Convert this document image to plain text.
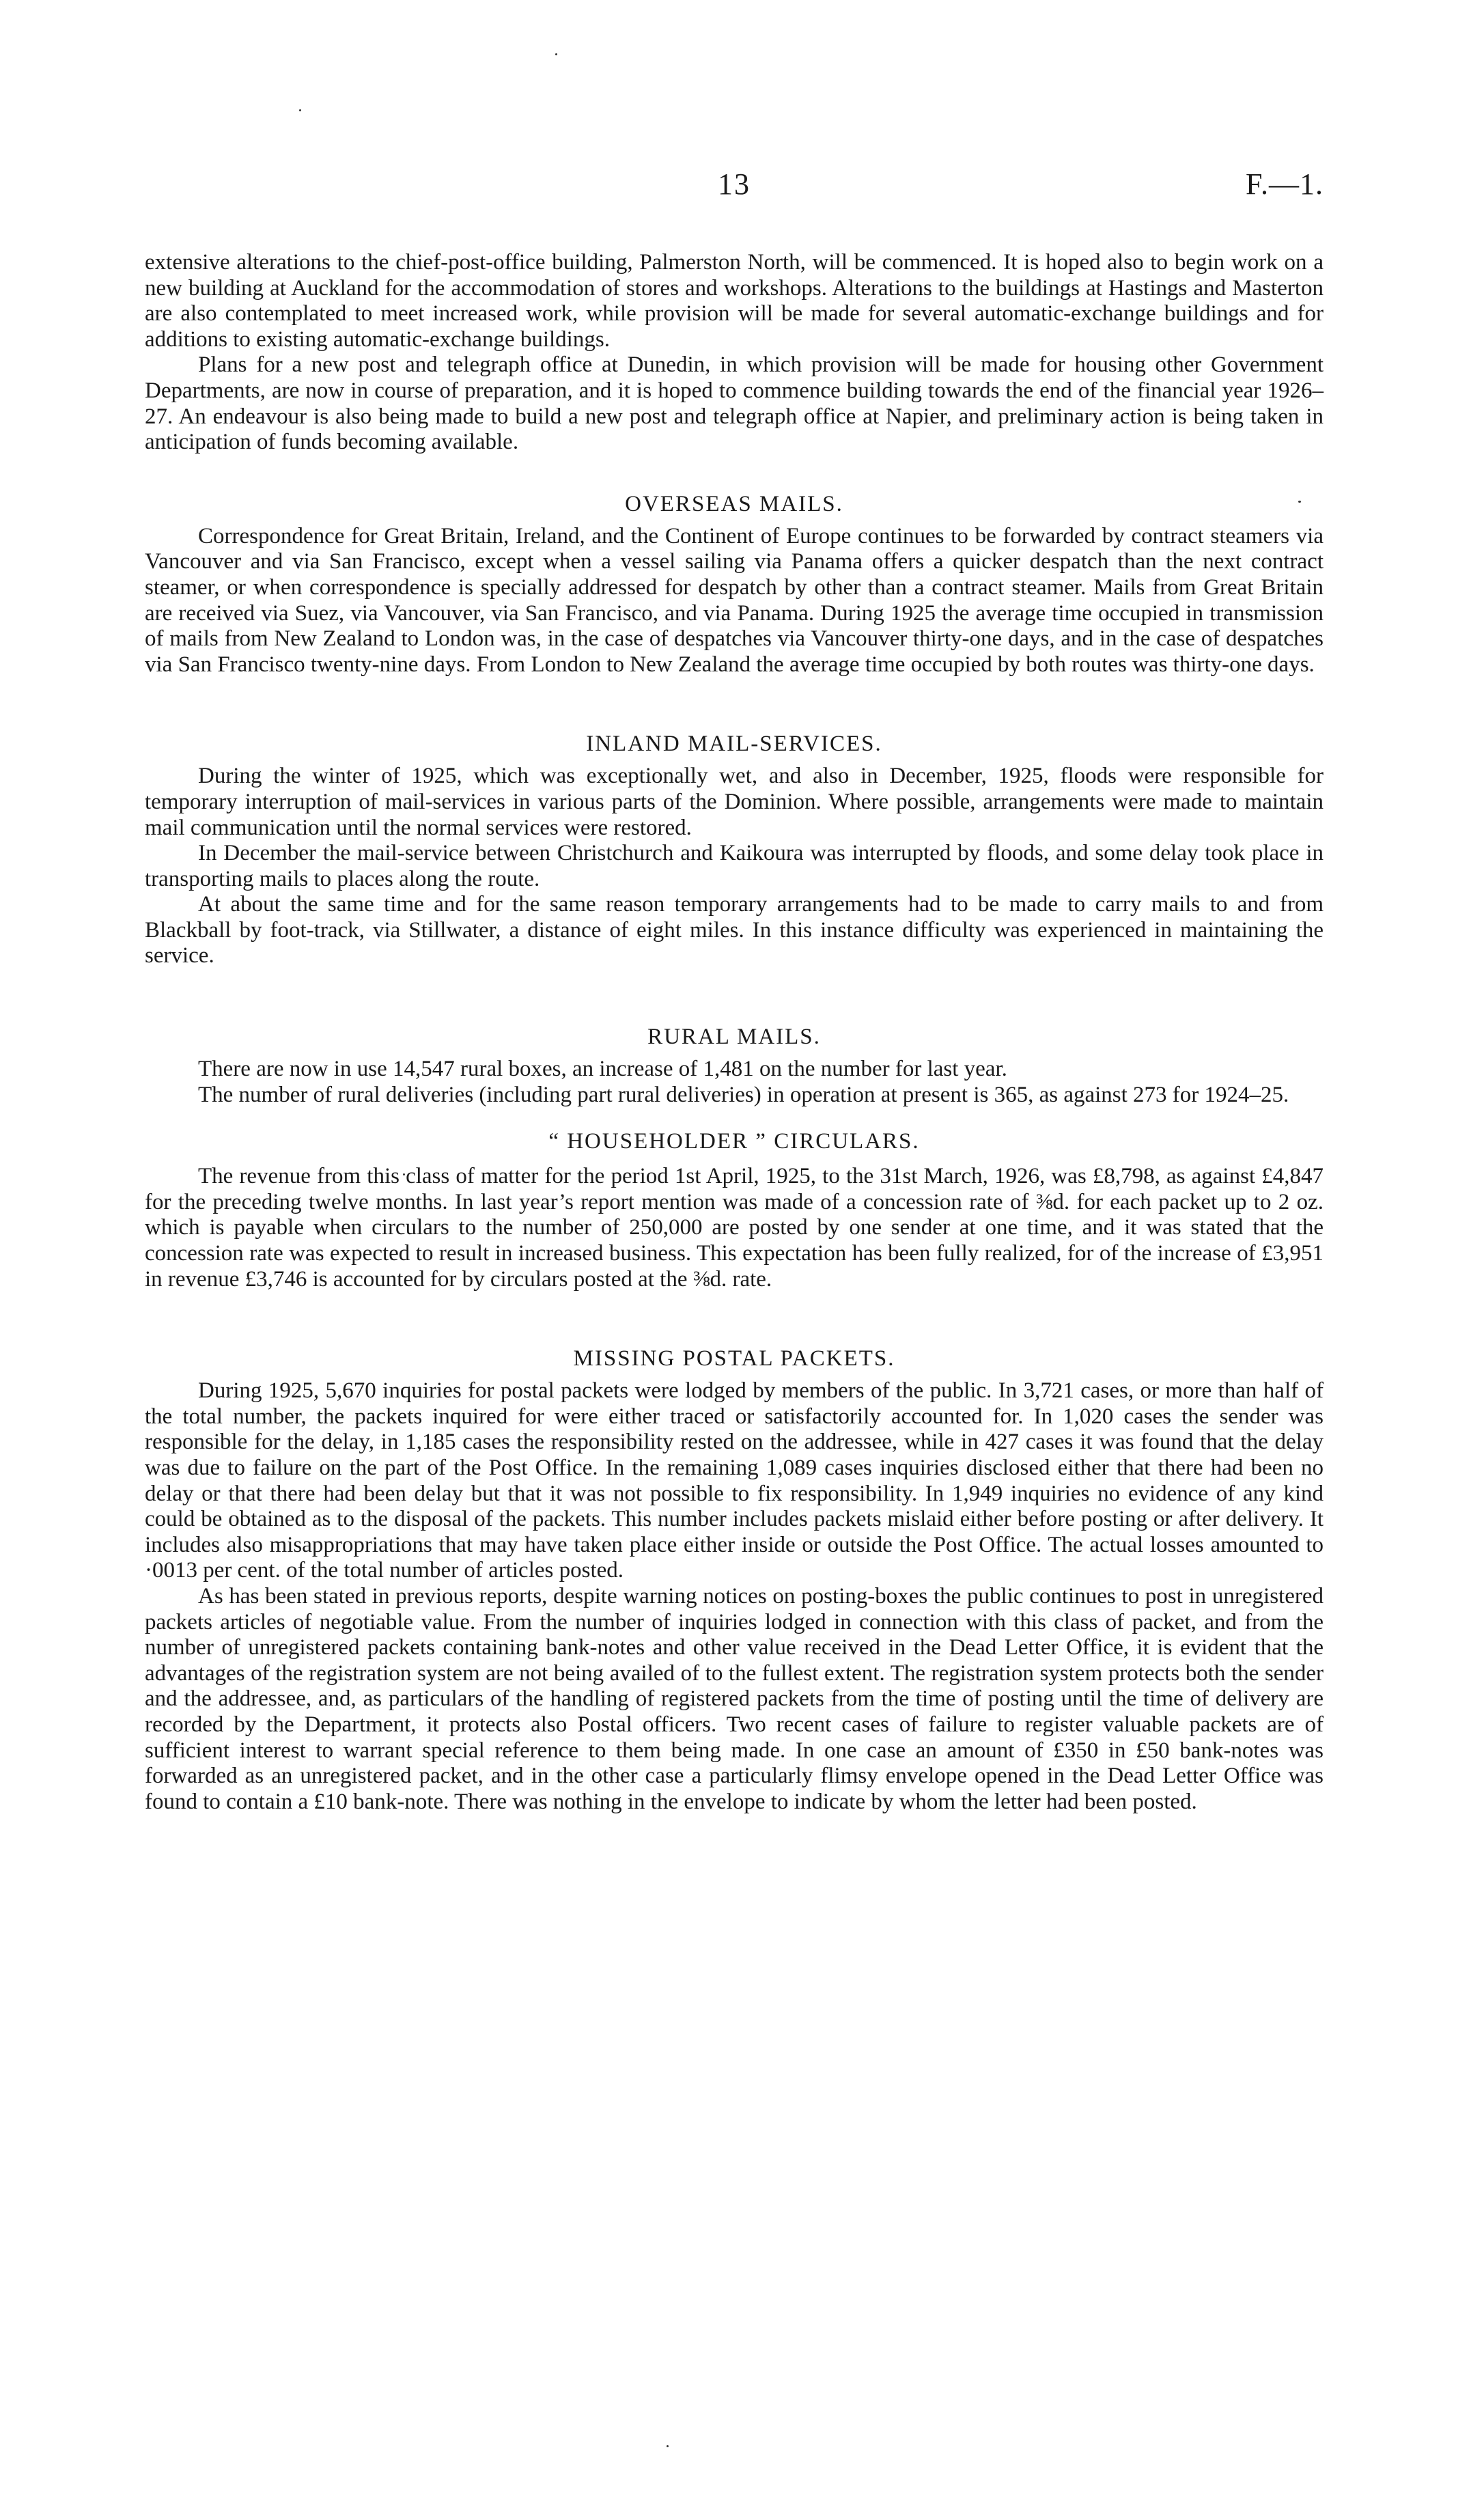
13	F.—1.

extensive alterations to the chief-post-office building, Palmerston North, will be commenced. It is hoped also to begin work on a new building at Auckland for the accommodation of stores and workshops. Alterations to the buildings at Hastings and Masterton are also contemplated to meet increased work, while provision will be made for several automatic-exchange buildings and for additions to existing automatic-exchange buildings.

Plans for a new post and telegraph office at Dunedin, in which provision will be made for housing other Government Departments, are now in course of preparation, and it is hoped to commence building towards the end of the financial year 1926–27. An endeavour is also being made to build a new post and telegraph office at Napier, and preliminary action is being taken in anticipation of funds becoming available.

OVERSEAS MAILS.

Correspondence for Great Britain, Ireland, and the Continent of Europe continues to be forwarded by contract steamers via Vancouver and via San Francisco, except when a vessel sailing via Panama offers a quicker despatch than the next contract steamer, or when correspondence is specially addressed for despatch by other than a contract steamer. Mails from Great Britain are received via Suez, via Vancouver, via San Francisco, and via Panama. During 1925 the average time occupied in transmission of mails from New Zealand to London was, in the case of despatches via Vancouver thirty-one days, and in the case of despatches via San Francisco twenty-nine days. From London to New Zealand the average time occupied by both routes was thirty-one days.

INLAND MAIL-SERVICES.

During the winter of 1925, which was exceptionally wet, and also in December, 1925, floods were responsible for temporary interruption of mail-services in various parts of the Dominion. Where possible, arrangements were made to maintain mail communication until the normal services were restored.

In December the mail-service between Christchurch and Kaikoura was interrupted by floods, and some delay took place in transporting mails to places along the route.

At about the same time and for the same reason temporary arrangements had to be made to carry mails to and from Blackball by foot-track, via Stillwater, a distance of eight miles. In this instance difficulty was experienced in maintaining the service.

RURAL MAILS.

There are now in use 14,547 rural boxes, an increase of 1,481 on the number for last year.

The number of rural deliveries (including part rural deliveries) in operation at present is 365, as against 273 for 1924–25.

“ HOUSEHOLDER ” CIRCULARS.

The revenue from this class of matter for the period 1st April, 1925, to the 31st March, 1926, was £8,798, as against £4,847 for the preceding twelve months. In last year’s report mention was made of a concession rate of ⅜d. for each packet up to 2 oz. which is payable when circulars to the number of 250,000 are posted by one sender at one time, and it was stated that the concession rate was expected to result in increased business. This expectation has been fully realized, for of the increase of £3,951 in revenue £3,746 is accounted for by circulars posted at the ⅜d. rate.

MISSING POSTAL PACKETS.

During 1925, 5,670 inquiries for postal packets were lodged by members of the public. In 3,721 cases, or more than half of the total number, the packets inquired for were either traced or satisfactorily accounted for. In 1,020 cases the sender was responsible for the delay, in 1,185 cases the responsibility rested on the addressee, while in 427 cases it was found that the delay was due to failure on the part of the Post Office. In the remaining 1,089 cases inquiries disclosed either that there had been no delay or that there had been delay but that it was not possible to fix responsibility. In 1,949 inquiries no evidence of any kind could be obtained as to the disposal of the packets. This number includes packets mislaid either before posting or after delivery. It includes also misappropriations that may have taken place either inside or outside the Post Office. The actual losses amounted to ·0013 per cent. of the total number of articles posted.

As has been stated in previous reports, despite warning notices on posting-boxes the public continues to post in unregistered packets articles of negotiable value. From the number of inquiries lodged in connection with this class of packet, and from the number of unregistered packets containing bank-notes and other value received in the Dead Letter Office, it is evident that the advantages of the registration system are not being availed of to the fullest extent. The registration system protects both the sender and the addressee, and, as particulars of the handling of registered packets from the time of posting until the time of delivery are recorded by the Department, it protects also Postal officers. Two recent cases of failure to register valuable packets are of sufficient interest to warrant special reference to them being made. In one case an amount of £350 in £50 bank-notes was forwarded as an unregistered packet, and in the other case a particularly flimsy envelope opened in the Dead Letter Office was found to contain a £10 bank-note. There was nothing in the envelope to indicate by whom the letter had been posted.
